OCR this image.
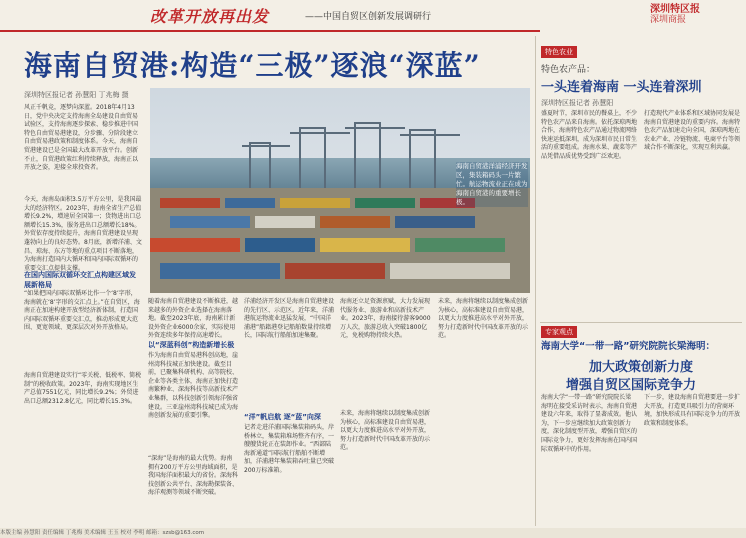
改革开放再出发	——中国自贸区创新发展调研行
深圳特区报
深圳商报
海南自贸港:构造“三极”逐浪“深蓝”
深圳特区报记者 孙慧阳 丁兆梅 摄
海南自贸港洋浦经济开发区，集装箱码头一片繁忙。航运物流业正在成为海南自贸港的重要增长极。
风正千帆竞，逐梦向深蓝。2018年4月13日，党中央决定支持海南全岛建设自由贸易试验区，支持海南逐步探索、稳步推进中国特色自由贸易港建设，分步骤、分阶段建立自由贸易港政策和制度体系。今天，海南自贸港建设已是全国最大改革开放平台。创新不止，自贸港政策红利持续释放，海南正以开放之姿，迎接全球投资者。
今天，海南岛面积3.5万平方公里，是我国最大的经济特区。2023年，海南全省生产总值增长9.2%，增速居全国第一；货物进出口总额增长15.3%，服务进出口总额增长18%。外贸依存度持续提升，海南自贸港建设呈现蓬勃向上的良好态势。8月底，新增洋浦、文昌、琼海、东方等地的重点项目不断落地，为海南打造国内大循环和国内国际双循环的重要交汇点提供支撑。
在国内国际双循环交汇点构建区域发展新格局
“如果把国内国际双循环比作一个‘8’字形，海南就在‘8’字形的交汇点上。”在自贸区，海南正在加速构建开放型经济新体制，打造国内国际双循环重要交汇点，推动形成更大范围、更宽领域、更深层次对外开放格局。
海南自贸港建设实行“零关税、低税率、简税制”的税收政策。2023年，海南实现地区生产总值7551亿元，同比增长9.2%；外贸进出口总额2312.8亿元，同比增长15.3%。
随着海南自贸港建设不断推进，越来越多的外资企业选择在海南落地。截至2023年底，海南累计新设外资企业6000余家，实际使用外资连续多年保持高速增长。
以“深蓝科创”构造新增长极
作为海南自由贸易港科创高地，崖州湾科技城正加快建设。截至目前，已聚集科研机构、高等院校、企业等各类主体，海南正加快打造南繁种业、深海科技等高新技术产业集群，以科技创新引领海洋强省建设。三亚崖州湾科技城已成为海南创新发展的重要引擎。
“深海”是海南的最大优势。海南拥有200万平方公里海域面积，是我国海洋面积最大的省份。深海科技创新公共平台、深海勘探装备、海洋观测等领域不断突破。
洋浦经济开发区是海南自贸港建设的先行区、示范区。近年来，洋浦港航运物流业迅猛发展，“中国洋浦港”船籍港登记船舶数量持续增长，国际航行船舶加速集聚。
“洋”帆启航 逐“蓝”向深
记者走进洋浦国际集装箱码头，岸桥林立，集装箱堆场整齐有序，一艘艘货轮正在装卸作业。“西部陆海新通道”国际航行船舶不断增加，洋浦港年集装箱吞吐量已突破200万标准箱。
海南还立足资源禀赋，大力发展现代服务业、旅游业和高新技术产业。2023年，海南接待游客9000万人次，旅游总收入突破1800亿元，免税购物持续火热。
未来，海南将继续以制度集成创新为核心，高标准建设自由贸易港，以更大力度推进高水平对外开放，努力打造新时代中国改革开放的示范。
未来，海南将继续以制度集成创新为核心，高标准建设自由贸易港，以更大力度推进高水平对外开放，努力打造新时代中国改革开放的示范。
特色农业
特色农产品：
一头连着海南 一头连着深圳
深圳特区报记者 孙慧阳
盛夏时节，深圳市民的餐桌上，不少特色农产品来自海南。依托深琼两地合作，海南特色农产品通过物流网络快速运抵深圳，成为深圳市民日常生活的重要组成。海南水果、蔬菜等产品凭借品质优势受到广泛欢迎。
打造现代产业体系和区域协同发展是海南自贸港建设的重要内容。海南特色农产品加速走向全国，深琼两地在农业产业、冷链物流、电商平台等领域合作不断深化，实现互利共赢。
专家观点
海南大学“一带一路”研究院院长梁海明：
加大政策创新力度
增强自贸区国际竞争力
海南大学“一带一路”研究院院长梁海明在接受采访时表示，海南自贸港建设六年来，取得了显著成效。他认为，下一步应继续加大政策创新力度，深化制度型开放，增强自贸区的国际竞争力，更好发挥海南在国内国际双循环中的作用。
下一步，建设海南自贸港要进一步扩大开放，打造更具吸引力的营商环境，加快形成具有国际竞争力的开放政策和制度体系。
本版主编 孙慧阳 责任编辑 丁兆梅 美术编辑 王玉 校对 李明 邮箱：szsb@163.com
